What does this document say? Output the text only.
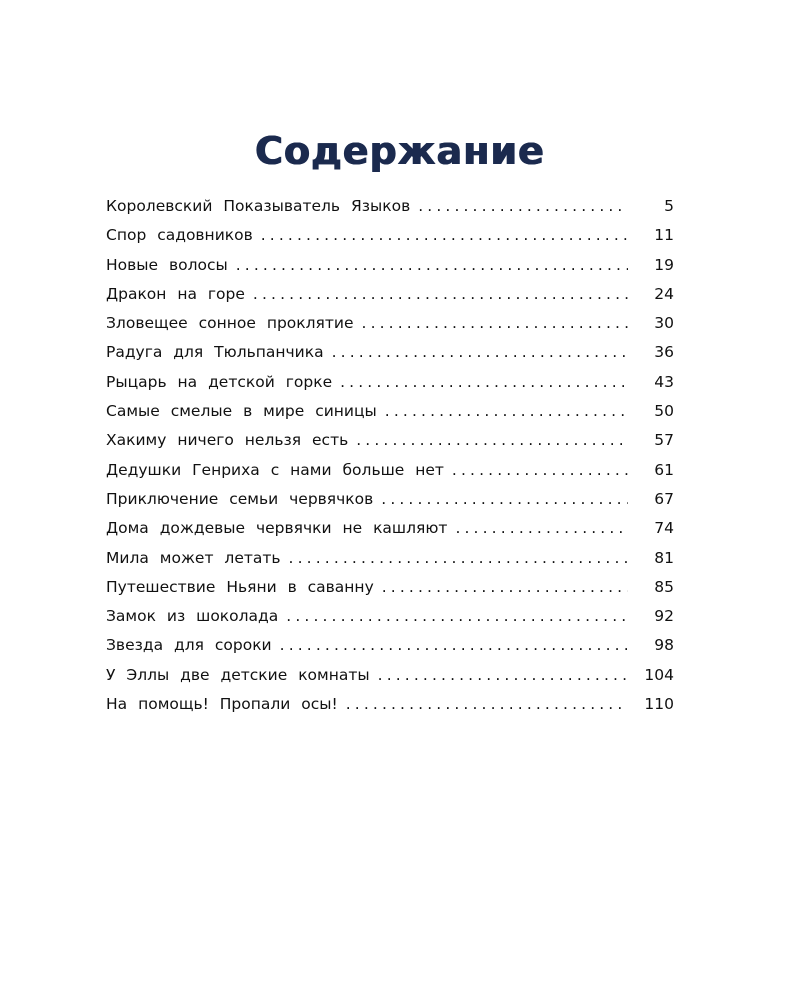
Содержание
Королевский Показыватель Языков . . .	5
Спор садовников . . .	11
Новые волосы . . .	19
Дракон на горе . . .	24
Зловещее сонное проклятие . . .	30
Радуга для Тюльпанчика . . .	36
Рыцарь на детской горке . . .	43
Самые смелые в мире синицы . . .	50
Хакиму ничего нельзя есть . . .	57
Дедушки Генриха с нами больше нет . . .	61
Приключение семьи червячков . . .	67
Дома дождевые червячки не кашляют . . .	74
Мила может летать . . .	81
Путешествие Ньяни в саванну . . .	85
Замок из шоколада . . .	92
Звезда для сороки . . .	98
У Эллы две детские комнаты . . .	104
На помощь! Пропали осы! . . .	110
